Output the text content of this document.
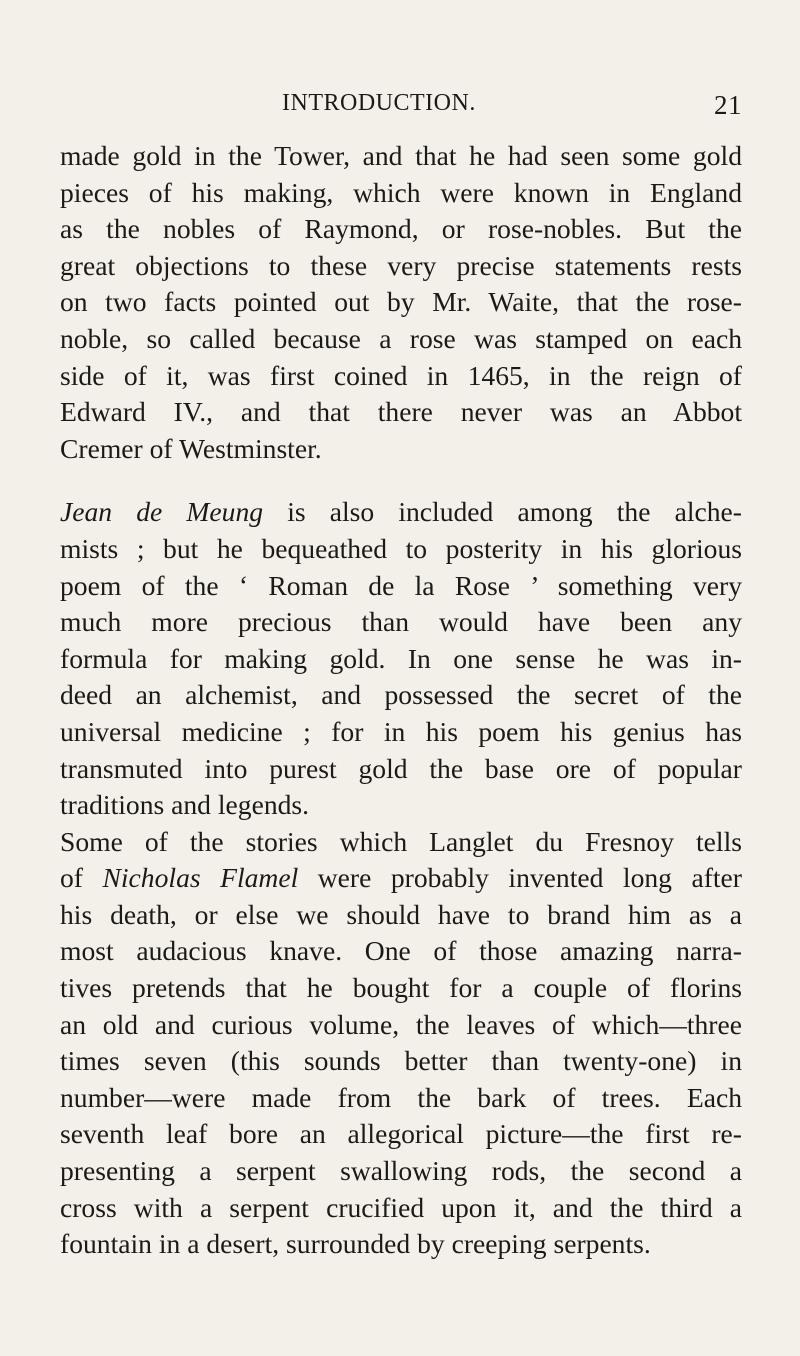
INTRODUCTION.	21
made gold in the Tower, and that he had seen some gold
pieces of his making, which were known in England
as the nobles of Raymond, or rose-nobles. But the
great objections to these very precise statements rests
on two facts pointed out by Mr. Waite, that the rose-
noble, so called because a rose was stamped on each
side of it, was first coined in 1465, in the reign of
Edward IV., and that there never was an Abbot
Cremer of Westminster.
Jean de Meung is also included among the alche-
mists ; but he bequeathed to posterity in his glorious
poem of the ‘ Roman de la Rose ’ something very
much more precious than would have been any
formula for making gold. In one sense he was in-
deed an alchemist, and possessed the secret of the
universal medicine ; for in his poem his genius has
transmuted into purest gold the base ore of popular
traditions and legends.
Some of the stories which Langlet du Fresnoy tells
of Nicholas Flamel were probably invented long after
his death, or else we should have to brand him as a
most audacious knave. One of those amazing narra-
tives pretends that he bought for a couple of florins
an old and curious volume, the leaves of which—three
times seven (this sounds better than twenty-one) in
number—were made from the bark of trees. Each
seventh leaf bore an allegorical picture—the first re-
presenting a serpent swallowing rods, the second a
cross with a serpent crucified upon it, and the third a
fountain in a desert, surrounded by creeping serpents.
